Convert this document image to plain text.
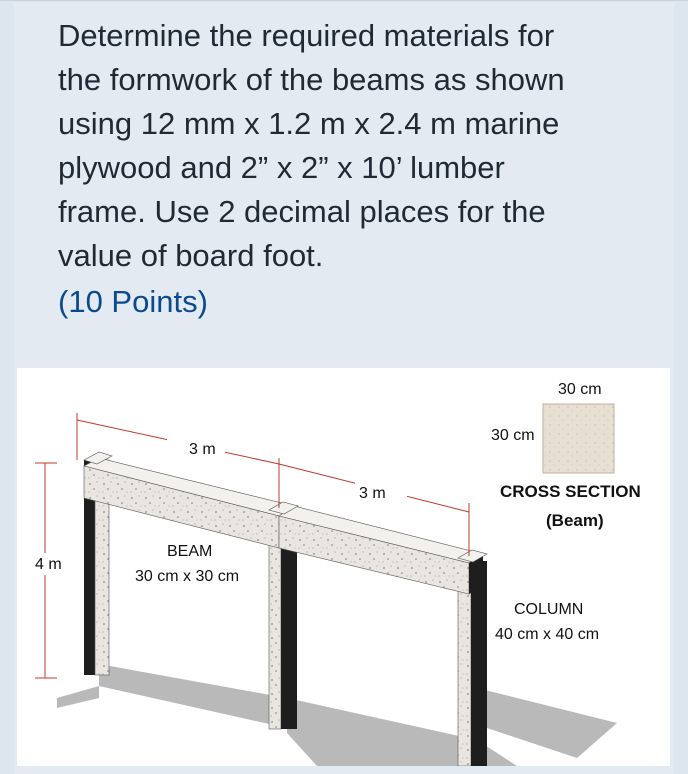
Determine the required materials for
the formwork of the beams as shown
using 12 mm x 1.2 m x 2.4 m marine
plywood and 2” x 2” x 10’ lumber
frame. Use 2 decimal places for the
value of board foot.
(10 Points)
3 m
3 m
4 m
BEAM
30 cm x 30 cm
30 cm
30 cm
CROSS SECTION
(Beam)
COLUMN
40 cm x 40 cm
